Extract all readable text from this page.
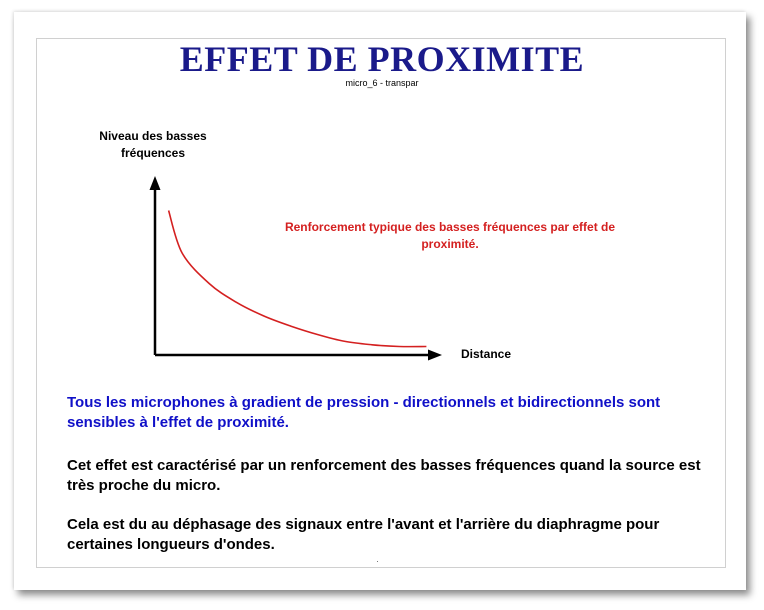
EFFET DE PROXIMITE
micro_6 - transpar
Niveau des basses fréquences
Distance
Renforcement typique des basses fréquences par effet de proximité.

Tous les microphones à gradient de pression - directionnels et bidirectionnels sont sensibles à l'effet de proximité.

Cet effet est caractérisé par un renforcement des basses fréquences quand la source est très proche du micro.

Cela est du au déphasage des signaux entre l'avant et l'arrière du diaphragme pour certaines longueurs d'ondes.
